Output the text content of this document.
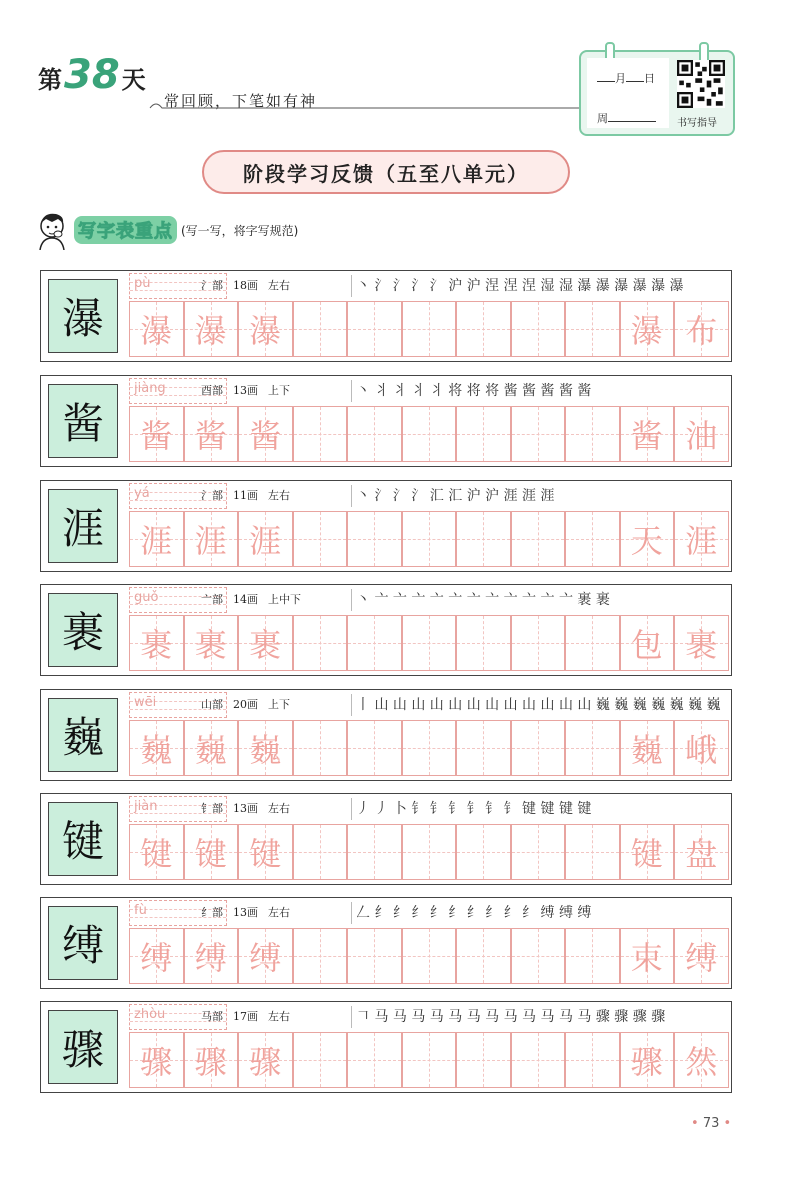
第 38 天
常回顾，下笔如有神
月 日
周	书写指导
阶段学习反馈（五至八单元）
写字表重点 (写一写，将字写规范)
瀑
pù	氵部 18画 左右	丶 氵 氵 氵 氵 沪 沪 涅 涅 涅 湿 湿 瀑 瀑 瀑 瀑 瀑 瀑
瀑 瀑 瀑	瀑 布
酱
jiàng	酉部 13画 上下	丶 丬 丬 丬 丬 将 将 将 酱 酱 酱 酱 酱
酱 酱 酱	酱 油
涯
yá	氵部 11画 左右	丶 氵 氵 氵 汇 汇 沪 沪 涯 涯 涯
涯 涯 涯	天 涯
裹
guǒ	亠部 14画 上中下	丶 亠 亠 亠 亠 亠 亠 亠 亠 亠 亠 亠 裹 裹
裹 裹 裹	包 裹
巍
wēi	山部 20画 上下	丨 山 山 山 山 山 山 山 山 山 山 山 山 巍 巍 巍 巍 巍 巍 巍
巍 巍 巍	巍 峨
键
jiàn	钅部 13画 左右	丿 丿 卜 钅 钅 钅 钅 钅 钅 键 键 键 键
键 键 键	键 盘
缚
fù	纟部 13画 左右	𠃋 纟 纟 纟 纟 纟 纟 纟 纟 纟 缚 缚 缚
缚 缚 缚	束 缚
骤
zhòu	马部 17画 左右	𠃍 马 马 马 马 马 马 马 马 马 马 马 马 骤 骤 骤 骤
骤 骤 骤	骤 然
• 73 •
